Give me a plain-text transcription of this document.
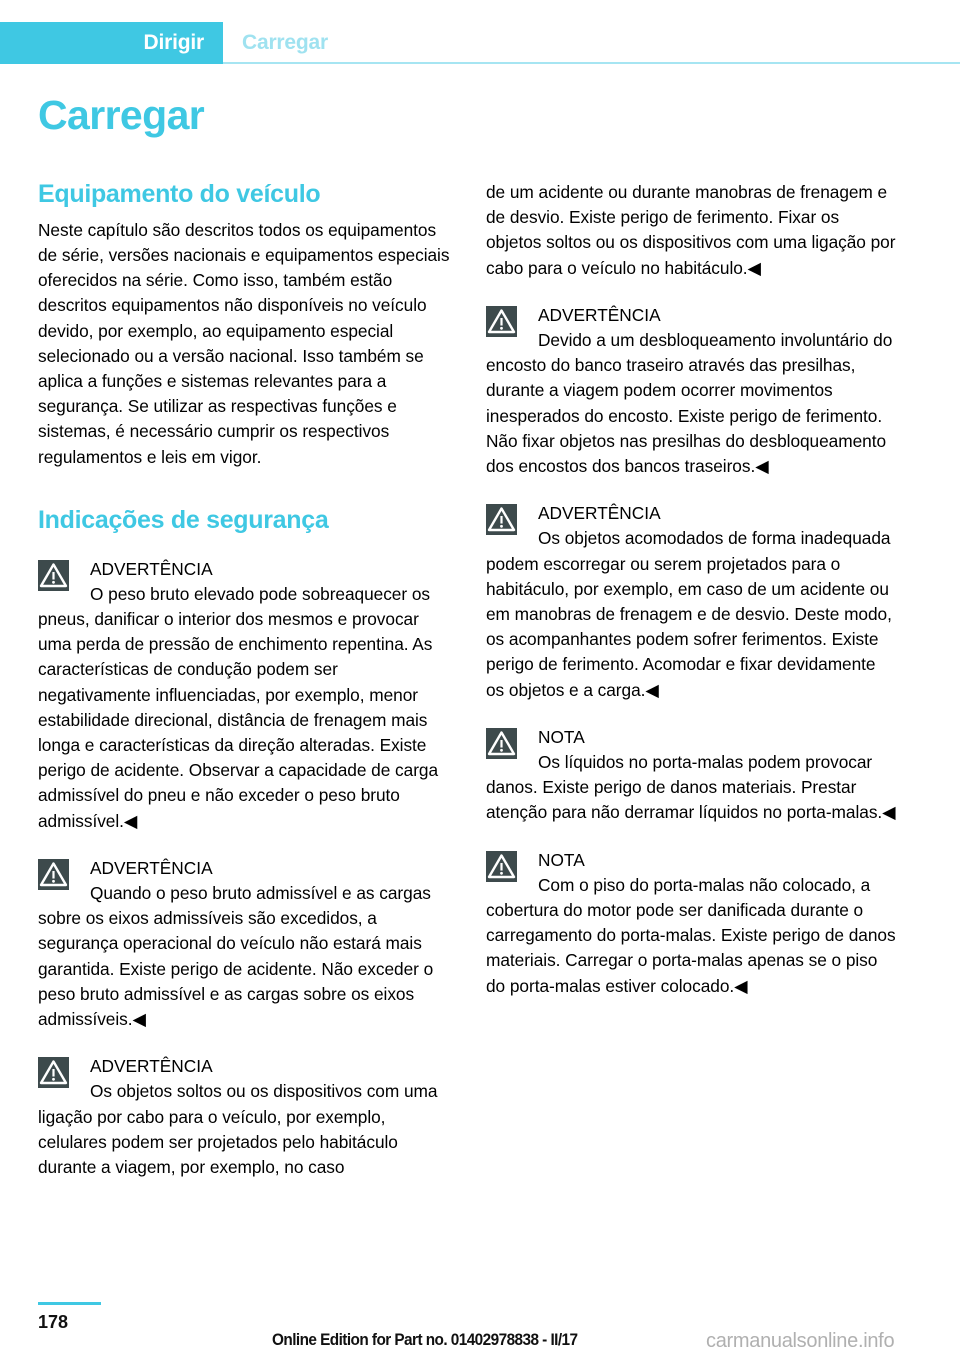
Dirigir Carregar
Carregar
Equipamento do veículo

Neste capítulo são descritos todos os equipamentos de série, versões nacionais e equipamentos especiais oferecidos na série. Como isso, também estão descritos equipamentos não disponíveis no veículo devido, por exemplo, ao equipamento especial selecionado ou a versão nacional. Isso também se aplica a funções e sistemas relevantes para a segurança. Se utilizar as respectivas funções e sistemas, é necessário cumprir os respectivos regulamentos e leis em vigor.

Indicações de segurança
ADVERTÊNCIA

O peso bruto elevado pode sobreaquecer os pneus, danificar o interior dos mesmos e provocar uma perda de pressão de enchimento repentina. As características de condução podem ser negativamente influenciadas, por exemplo, menor estabilidade direcional, distância de frenagem mais longa e características da direção alteradas. Existe perigo de acidente. Observar a capacidade de carga admissível do pneu e não exceder o peso bruto admissível.◀

ADVERTÊNCIA

Quando o peso bruto admissível e as cargas sobre os eixos admissíveis são excedidos, a segurança operacional do veículo não estará mais garantida. Existe perigo de acidente. Não exceder o peso bruto admissível e as cargas sobre os eixos admissíveis.◀

ADVERTÊNCIA

Os objetos soltos ou os dispositivos com uma ligação por cabo para o veículo, por exemplo, celulares podem ser projetados pelo habitáculo durante a viagem, por exemplo, no caso

de um acidente ou durante manobras de frenagem e de desvio. Existe perigo de ferimento. Fixar os objetos soltos ou os dispositivos com uma ligação por cabo para o veículo no habitáculo.◀

ADVERTÊNCIA

Devido a um desbloqueamento involuntário do encosto do banco traseiro através das presilhas, durante a viagem podem ocorrer movimentos inesperados do encosto. Existe perigo de ferimento. Não fixar objetos nas presilhas do desbloqueamento dos encostos dos bancos traseiros.◀

ADVERTÊNCIA

Os objetos acomodados de forma inadequada podem escorregar ou serem projetados para o habitáculo, por exemplo, em caso de um acidente ou em manobras de frenagem e de desvio. Deste modo, os acompanhantes podem sofrer ferimentos. Existe perigo de ferimento. Acomodar e fixar devidamente os objetos e a carga.◀

NOTA

Os líquidos no porta-malas podem provocar danos. Existe perigo de danos materiais. Prestar atenção para não derramar líquidos no porta-malas.◀

NOTA

Com o piso do porta-malas não colocado, a cobertura do motor pode ser danificada durante o carregamento do porta-malas. Existe perigo de danos materiais. Carregar o porta-malas apenas se o piso do porta-malas estiver colocado.◀

178
Online Edition for Part no. 01402978838 - II/17	carmanualsonline.info
